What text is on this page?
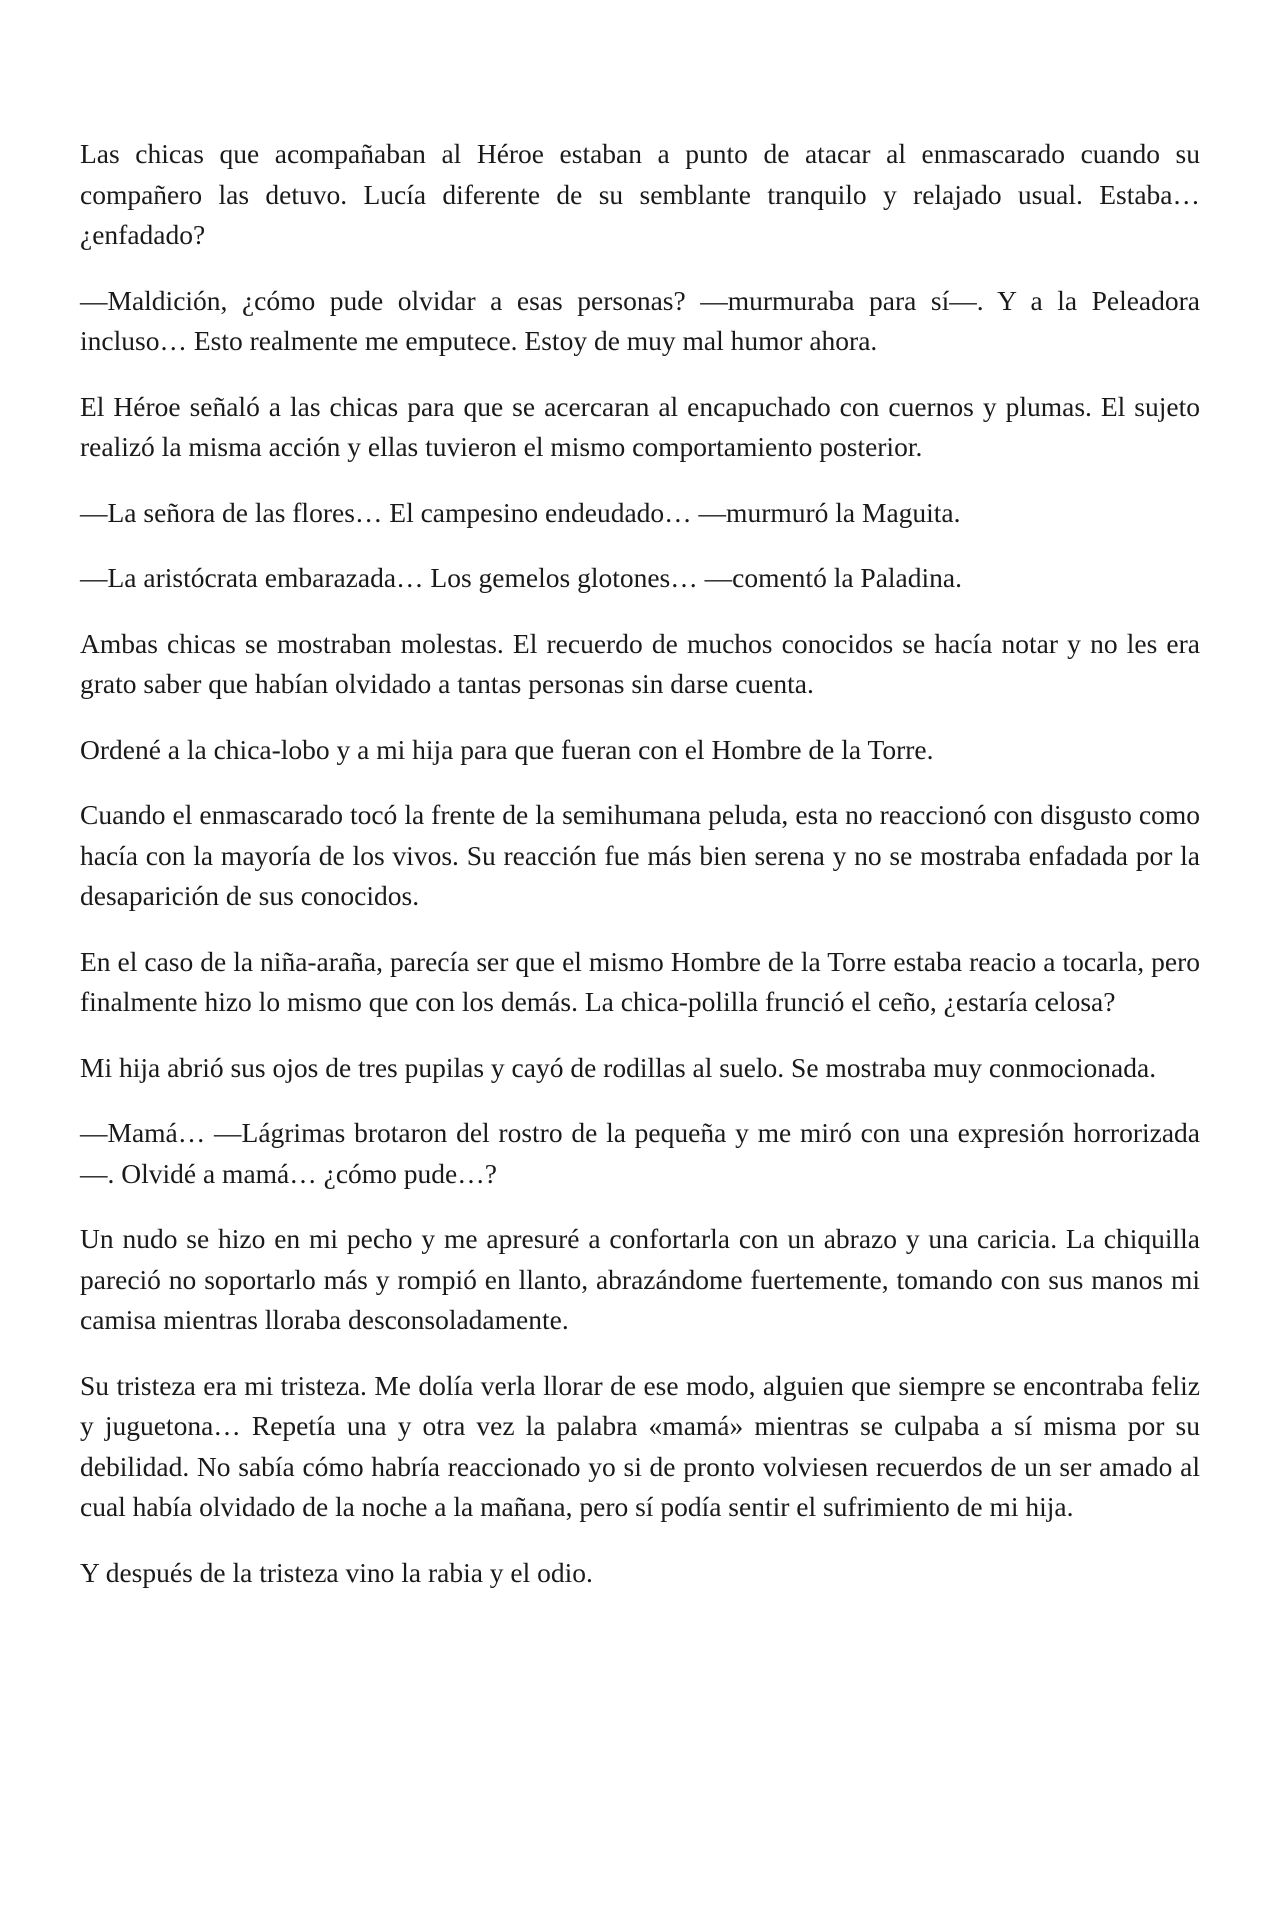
Las chicas que acompañaban al Héroe estaban a punto de atacar al enmascarado cuando su compañero las detuvo. Lucía diferente de su semblante tranquilo y relajado usual. Estaba… ¿enfadado?

—Maldición, ¿cómo pude olvidar a esas personas? —murmuraba para sí—. Y a la Peleadora incluso… Esto realmente me emputece. Estoy de muy mal humor ahora.

El Héroe señaló a las chicas para que se acercaran al encapuchado con cuernos y plumas. El sujeto realizó la misma acción y ellas tuvieron el mismo comportamiento posterior.

—La señora de las flores… El campesino endeudado… —murmuró la Maguita.

—La aristócrata embarazada… Los gemelos glotones… —comentó la Paladina.

Ambas chicas se mostraban molestas. El recuerdo de muchos conocidos se hacía notar y no les era grato saber que habían olvidado a tantas personas sin darse cuenta.

Ordené a la chica-lobo y a mi hija para que fueran con el Hombre de la Torre.

Cuando el enmascarado tocó la frente de la semihumana peluda, esta no reaccionó con disgusto como hacía con la mayoría de los vivos. Su reacción fue más bien serena y no se mostraba enfadada por la desaparición de sus conocidos.

En el caso de la niña-araña, parecía ser que el mismo Hombre de la Torre estaba reacio a tocarla, pero finalmente hizo lo mismo que con los demás. La chica-polilla frunció el ceño, ¿estaría celosa?

Mi hija abrió sus ojos de tres pupilas y cayó de rodillas al suelo. Se mostraba muy conmocionada.

—Mamá… —Lágrimas brotaron del rostro de la pequeña y me miró con una expresión horrorizada—. Olvidé a mamá… ¿cómo pude…?

Un nudo se hizo en mi pecho y me apresuré a confortarla con un abrazo y una caricia. La chiquilla pareció no soportarlo más y rompió en llanto, abrazándome fuertemente, tomando con sus manos mi camisa mientras lloraba desconsoladamente.

Su tristeza era mi tristeza. Me dolía verla llorar de ese modo, alguien que siempre se encontraba feliz y juguetona… Repetía una y otra vez la palabra «mamá» mientras se culpaba a sí misma por su debilidad. No sabía cómo habría reaccionado yo si de pronto volviesen recuerdos de un ser amado al cual había olvidado de la noche a la mañana, pero sí podía sentir el sufrimiento de mi hija.

Y después de la tristeza vino la rabia y el odio.
